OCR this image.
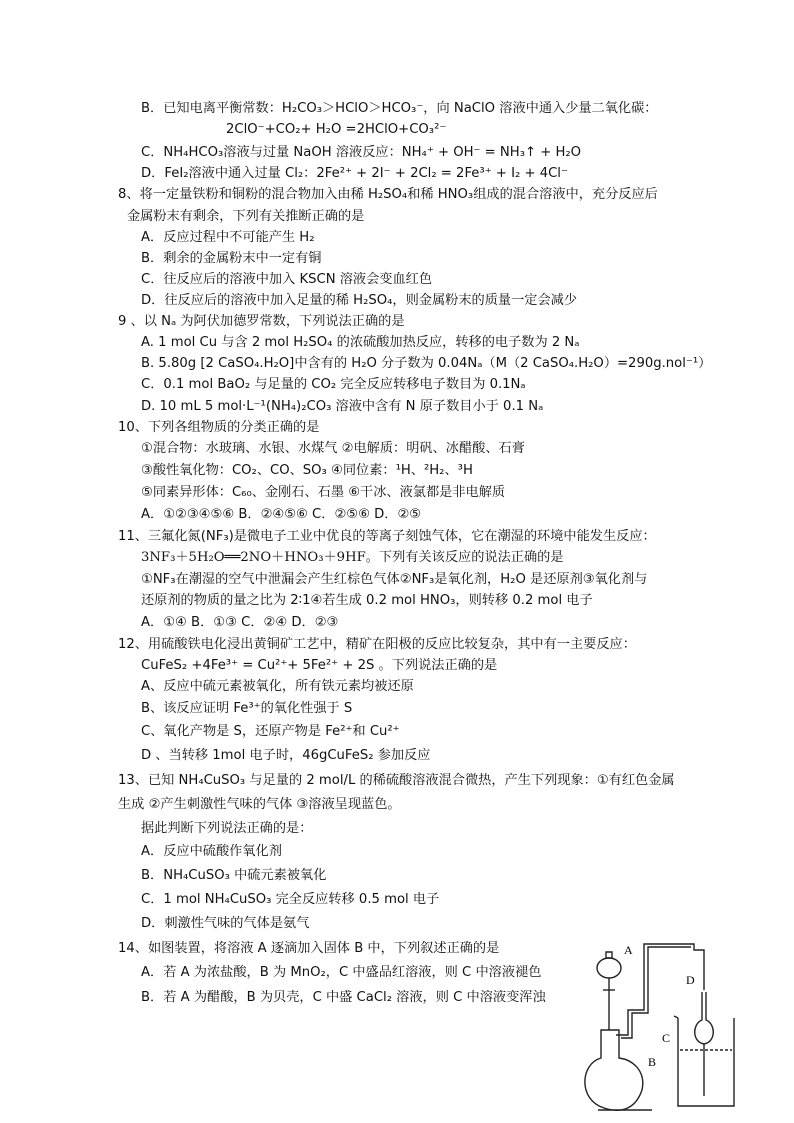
B．已知电离平衡常数：H₂CO₃＞HClO＞HCO₃⁻，向 NaClO 溶液中通入少量二氧化碳：
2ClO⁻+CO₂+ H₂O =2HClO+CO₃²⁻
C．NH₄HCO₃溶液与过量 NaOH 溶液反应：NH₄⁺ + OH⁻ = NH₃↑ + H₂O
D．FeI₂溶液中通入过量 Cl₂：2Fe²⁺ + 2I⁻ + 2Cl₂ = 2Fe³⁺ + I₂ + 4Cl⁻
8、将一定量铁粉和铜粉的混合物加入由稀 H₂SO₄和稀 HNO₃组成的混合溶液中，充分反应后
金属粉末有剩余，下列有关推断正确的是
A．反应过程中不可能产生 H₂
B．剩余的金属粉末中一定有铜
C．往反应后的溶液中加入 KSCN 溶液会变血红色
D．往反应后的溶液中加入足量的稀 H₂SO₄，则金属粉末的质量一定会减少
9 、以 Nₐ 为阿伏加德罗常数，下列说法正确的是
A. 1 mol Cu 与含 2 mol H₂SO₄ 的浓硫酸加热反应，转移的电子数为 2 Nₐ
B. 5.80g [2 CaSO₄.H₂O]中含有的 H₂O 分子数为 0.04Nₐ（M（2 CaSO₄.H₂O）=290g.nol⁻¹）
C．0.1 mol BaO₂ 与足量的 CO₂ 完全反应转移电子数目为 0.1Nₐ
D. 10 mL 5 mol·L⁻¹(NH₄)₂CO₃ 溶液中含有 N 原子数目小于 0.1 Nₐ
10、下列各组物质的分类正确的是
①混合物：水玻璃、水银、水煤气 ②电解质：明矾、冰醋酸、石膏
③酸性氧化物：CO₂、CO、SO₃ ④同位素：¹H、²H₂、³H
⑤同素异形体：C₆₀、金刚石、石墨 ⑥干冰、液氯都是非电解质
A．①②③④⑤⑥ B．②④⑤⑥ C．②⑤⑥ D．②⑤
11、三氟化氮(NF₃)是微电子工业中优良的等离子刻蚀气体，它在潮湿的环境中能发生反应：
3NF₃＋5H₂O══2NO＋HNO₃＋9HF。下列有关该反应的说法正确的是
①NF₃在潮湿的空气中泄漏会产生红棕色气体②NF₃是氧化剂，H₂O 是还原剂③氧化剂与
还原剂的物质的量之比为 2∶1④若生成 0.2 mol HNO₃，则转移 0.2 mol 电子
A．①④ B．①③ C．②④ D．②③
12、用硫酸铁电化浸出黄铜矿工艺中，精矿在阳极的反应比较复杂，其中有一主要反应：
CuFeS₂ +4Fe³⁺ = Cu²⁺+ 5Fe²⁺ + 2S 。下列说法正确的是
A、反应中硫元素被氧化，所有铁元素均被还原
B、该反应证明 Fe³⁺的氧化性强于 S
C、氧化产物是 S，还原产物是 Fe²⁺和 Cu²⁺
D 、当转移 1mol 电子时，46gCuFeS₂ 参加反应
13、已知 NH₄CuSO₃ 与足量的 2 mol/L 的稀硫酸溶液混合微热，产生下列现象：①有红色金属
生成 ②产生刺激性气味的气体 ③溶液呈现蓝色。
据此判断下列说法正确的是：
A．反应中硫酸作氧化剂
B．NH₄CuSO₃ 中硫元素被氧化
C．1 mol NH₄CuSO₃ 完全反应转移 0.5 mol 电子
D．刺激性气味的气体是氨气
14、如图装置，将溶液 A 逐滴加入固体 B 中，下列叙述正确的是
A．若 A 为浓盐酸，B 为 MnO₂，C 中盛品红溶液，则 C 中溶液褪色
B．若 A 为醋酸，B 为贝壳，C 中盛 CaCl₂ 溶液，则 C 中溶液变浑浊
A
B
C
D
